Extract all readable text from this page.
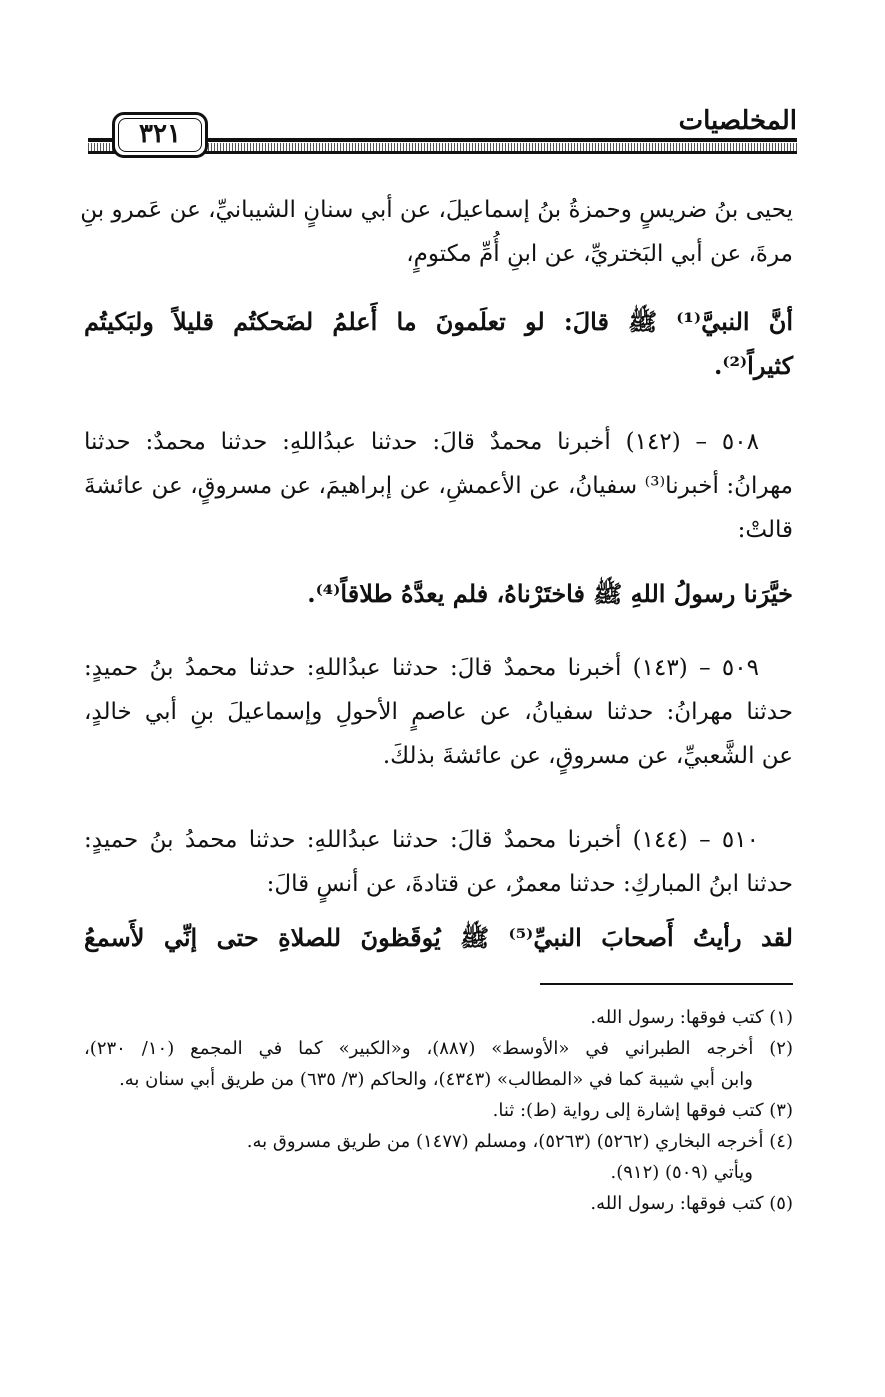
المخلصيات
٣٢١
يحيى بنُ ضريسٍ وحمزةُ بنُ إسماعيلَ، عن أبي سنانٍ الشيبانيِّ، عن عَمرو بنِ
مرةَ، عن أبي البَختريِّ، عن ابنِ أُمِّ مكتومٍ،
أنَّ النبيَّ⁽¹⁾ ﷺ قالَ: لو تعلَمونَ ما أَعلمُ لضَحكتُم قليلاً ولبَكيتُم
كثيراً⁽²⁾.
٥٠٨ – (١٤٢) أخبرنا محمدٌ قالَ: حدثنا عبدُاللهِ: حدثنا محمدٌ: حدثنا
مهرانُ: أخبرنا⁽³⁾ سفيانُ، عن الأعمشِ، عن إبراهيمَ، عن مسروقٍ، عن عائشةَ
قالتْ:
خيَّرَنا رسولُ اللهِ ﷺ فاختَرْناهُ، فلم يعدَّهُ طلاقاً⁽⁴⁾.
٥٠٩ – (١٤٣) أخبرنا محمدٌ قالَ: حدثنا عبدُاللهِ: حدثنا محمدُ بنُ حميدٍ:
حدثنا مهرانُ: حدثنا سفيانُ، عن عاصمٍ الأحولِ وإسماعيلَ بنِ أبي خالدٍ،
عن الشَّعبيِّ، عن مسروقٍ، عن عائشةَ بذلكَ.
٥١٠ – (١٤٤) أخبرنا محمدٌ قالَ: حدثنا عبدُاللهِ: حدثنا محمدُ بنُ حميدٍ:
حدثنا ابنُ المباركِ: حدثنا معمرٌ، عن قتادةَ، عن أنسٍ قالَ:
لقد رأيتُ أَصحابَ النبيِّ⁽⁵⁾ ﷺ يُوقَظونَ للصلاةِ حتى إنِّي لأَسمعُ
(١) كتب فوقها: رسول الله.
(٢) أخرجه الطبراني في «الأوسط» (٨٨٧)، و«الكبير» كما في المجمع (١٠/ ٢٣٠)،
وابن أبي شيبة كما في «المطالب» (٤٣٤٣)، والحاكم (٣/ ٦٣٥) من طريق أبي سنان به.
(٣) كتب فوقها إشارة إلى رواية (ط): ثنا.
(٤) أخرجه البخاري (٥٢٦٢) (٥٢٦٣)، ومسلم (١٤٧٧) من طريق مسروق به.
ويأتي (٥٠٩) (٩١٢).
(٥) كتب فوقها: رسول الله.
